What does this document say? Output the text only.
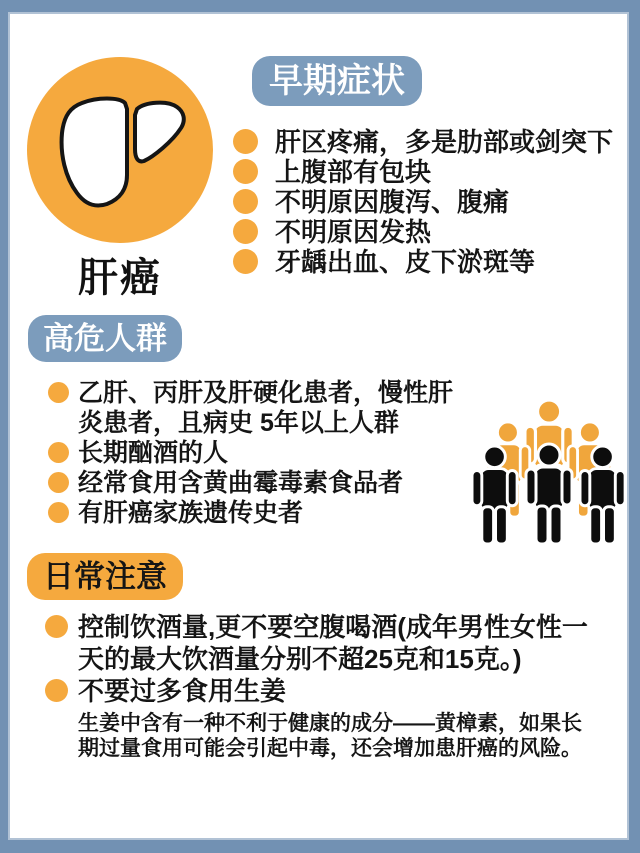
肝癌
早期症状
肝区疼痛，多是肋部或剑突下
上腹部有包块
不明原因腹泻、腹痛
不明原因发热
牙龋出血、皮下淤斑等
高危人群
乙肝、丙肝及肝硬化患者，慢性肝炎患者，且病史 5年以上人群
长期酗酒的人
经常食用含黄曲霉毒素食品者
有肝癌家族遗传史者
日常注意
控制饮酒量,更不要空腹喝酒(成年男性女性一天的最大饮酒量分别不超25克和15克。)
不要过多食用生姜
生姜中含有一种不利于健康的成分——黄樟素，如果长期过量食用可能会引起中毒，还会增加患肝癌的风险。
